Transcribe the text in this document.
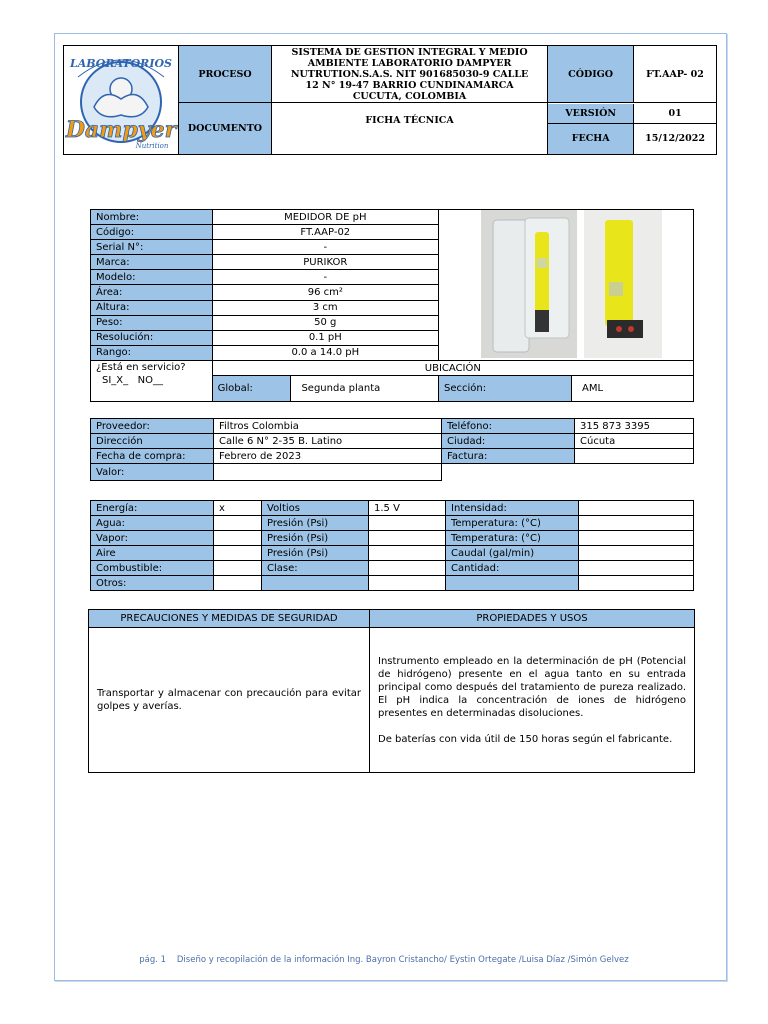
LABORATORIOS
Dampyer
Nutrition
	PROCESO	SISTEMA DE GESTION INTEGRAL Y MEDIO AMBIENTE LABORATORIO DAMPYER NUTRUTION.S.A.S. NIT 901685030-9 CALLE 12 N° 19-47 BARRIO CUNDINAMARCA CUCUTA, COLOMBIA	CÓDIGO	FT.AAP- 02
DOCUMENTO	FICHA TÉCNICA	
VERSIÓN	01
FECHA	15/12/2022
Nombre:	MEDIDOR DE pH	

Código:	FT.AAP-02			
Serial N°:	-			
Marca:	PURIKOR			
Modelo:	-			
Área:	96 cm²			
Altura:	3 cm			
Peso:	50 g			
Resolución:	0.1 pH			
Rango:	0.0 a 14.0 pH			
¿Está en servicio?
SI_X_   NO__	UBICACIÓN			
	Global:	Segunda planta	Sección:	AML
Proveedor:	Filtros Colombia	Teléfono:	315 873 3395
Dirección	Calle 6 N° 2-35 B. Latino	Ciudad:	Cúcuta
Fecha de compra:	Febrero de 2023	Factura:	
Valor:			
Energía:	x	Voltios	1.5 V	Intensidad:	
Agua:		Presión (Psi)		Temperatura: (°C)	
Vapor:		Presión (Psi)		Temperatura: (°C)	
Aire		Presión (Psi)		Caudal (gal/min)	
Combustible:		Clase:		Cantidad:	
Otros:					
PRECAUCIONES Y MEDIDAS DE SEGURIDAD	PROPIEDADES Y USOS
Transportar y almacenar con precaución para evitar golpes y averías.	Instrumento empleado en la determinación de pH (Potencial de hidrógeno) presente en el agua tanto en su entrada principal como después del tratamiento de pureza realizado. El pH indica la concentración de iones de hidrógeno presentes en determinadas disoluciones.
De baterías con vida útil de 150 horas según el fabricante.
pág. 1    Diseño y recopilación de la información Ing. Bayron Cristancho/ Eystin Ortegate /Luisa Díaz /Simón Gelvez
